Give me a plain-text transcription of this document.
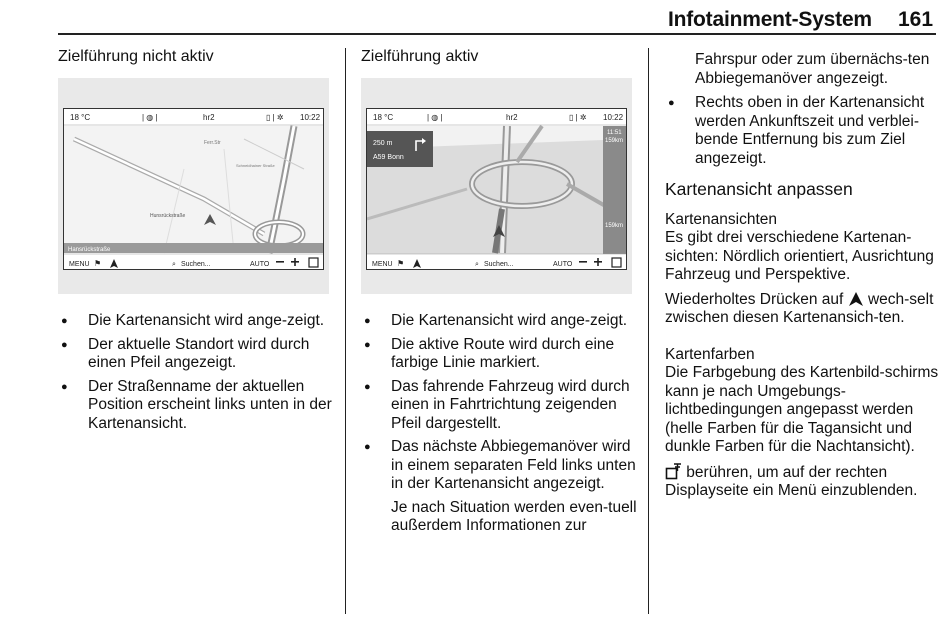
Infotainment-System 161
Zielführung nicht aktiv
18 °C	| ◍ |	hr2	▯ | ✲ 10:22
Ferr.Str
Schneidhainer Straße
Hunsrückstraße
Hansrückstraße
MENU ⚑	⌕ Suchen...	AUTO
● Die Kartenansicht wird ange-zeigt.
● Der aktuelle Standort wird durch einen Pfeil angezeigt.
● Der Straßenname der aktuellen Position erscheint links unten in der Kartenansicht.
Zielführung aktiv
18 °C	| ◍ |	hr2	▯ | ✲ 10:22
250 m
A59 Bonn
11:51
159km
159km
MENU ⚑	⌕ Suchen...	AUTO
● Die Kartenansicht wird ange-zeigt.
● Die aktive Route wird durch eine farbige Linie markiert.
● Das fahrende Fahrzeug wird durch einen in Fahrtrichtung zeigenden Pfeil dargestellt.
● Das nächste Abbiegemanöver wird in einem separaten Feld links unten in der Kartenansicht angezeigt.
Je nach Situation werden even-tuell außerdem Informationen zur
Fahrspur oder zum übernächs-ten Abbiegemanöver angezeigt.
● Rechts oben in der Kartenansicht werden Ankunftszeit und verblei-bende Entfernung bis zum Ziel angezeigt.
Kartenansicht anpassen
Kartenansichten

Es gibt drei verschiedene Kartenan-sichten: Nördlich orientiert, Ausrichtung Fahrzeug und Perspektive.

Wiederholtes Drücken auf  wech-selt zwischen diesen Kartenansich-ten.

Kartenfarben

Die Farbgebung des Kartenbild-schirms kann je nach Umgebungs-lichtbedingungen angepasst werden (helle Farben für die Tagansicht und dunkle Farben für die Nachtansicht).

berühren, um auf der rechten Displayseite ein Menü einzublenden.
